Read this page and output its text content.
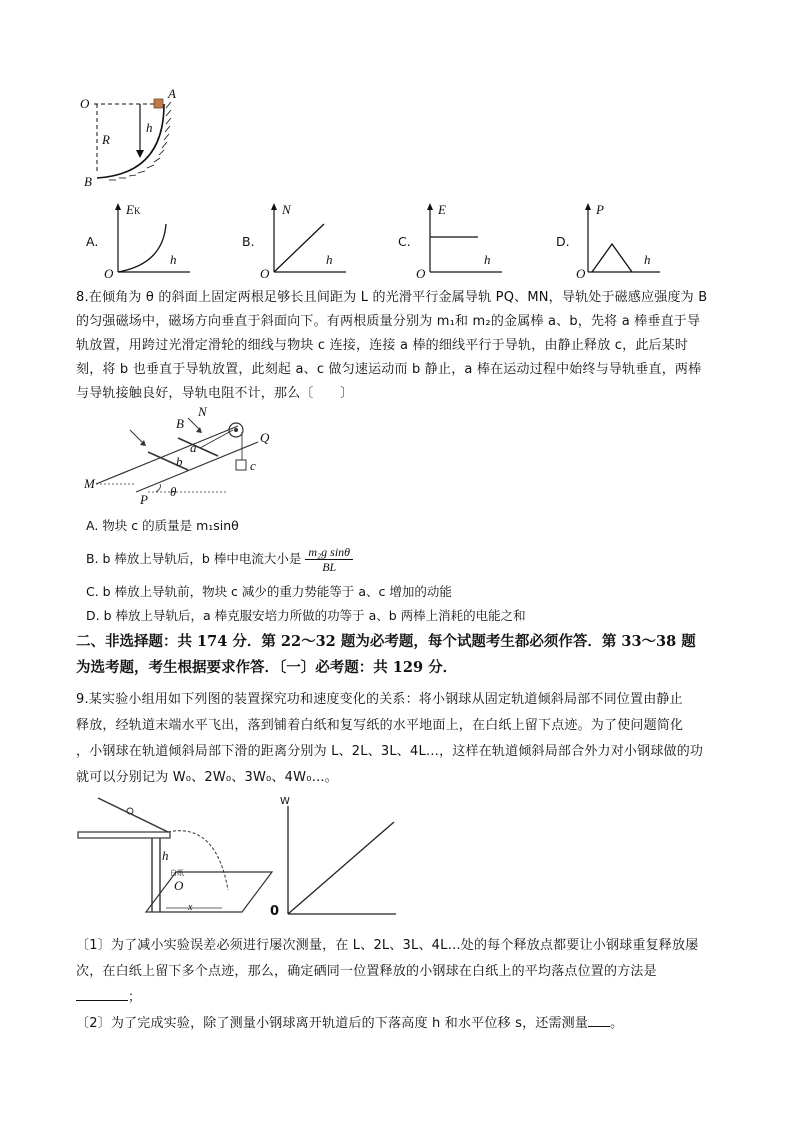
O
A
R
h
B
A.
EK
h
O
B.
N
h
O
C.
E
h
O
D.
P
h
O
8.在倾角为 θ 的斜面上固定两根足够长且间距为 L 的光滑平行金属导轨 PQ、MN，导轨处于磁感应强度为 B
的匀强磁场中，磁场方向垂直于斜面向下。有两根质量分别为 m₁和 m₂的金属棒 a、b，先将 a 棒垂直于导
轨放置，用跨过光滑定滑轮的细线与物块 c 连接，连接 a 棒的细线平行于导轨，由静止释放 c，此后某时
刻，将 b 也垂直于导轨放置，此刻起 a、c 做匀速运动而 b 静止，a 棒在运动过程中始终与导轨垂直，两棒
与导轨接触良好，导轨电阻不计，那么〔　　〕
B
N
Q
a
b	c
M
P
θ
A. 物块 c 的质量是 m₁sinθ
B. b 棒放上导轨后，b 棒中电流大小是 $\frac{\text{m₂g sinθ}}{BL}$
C. b 棒放上导轨前，物块 c 减少的重力势能等于 a、c 增加的动能
D. b 棒放上导轨后，a 棒克服安培力所做的功等于 a、b 两棒上消耗的电能之和
二、非选择题：共 174 分．第 22～32 题为必考题，每个试题考生都必须作答．第 33～38 题
为选考题，考生根据要求作答．〔一〕必考题：共 129 分．
9.某实验小组用如下列图的装置探究功和速度变化的关系：将小钢球从固定轨道倾斜局部不同位置由静止
释放，经轨道末端水平飞出，落到铺着白纸和复写纸的水平地面上，在白纸上留下点迹。为了使问题简化
，小钢球在轨道倾斜局部下滑的距离分别为 L、2L、3L、4L…，这样在轨道倾斜局部合外力对小钢球做的功
就可以分别记为 W₀、2W₀、3W₀、4W₀…。
h
白纸
O
x
W
0
〔1〕为了减小实验误差必须进行屡次测量，在 L、2L、3L、4L…处的每个释放点都要让小钢球重复释放屡
次，在白纸上留下多个点迹，那么，确定硒同一位置释放的小钢球在白纸上的平均落点位置的方法是
；
〔2〕为了完成实验，除了测量小钢球离开轨道后的下落高度 h 和水平位移 s，还需测量 。
